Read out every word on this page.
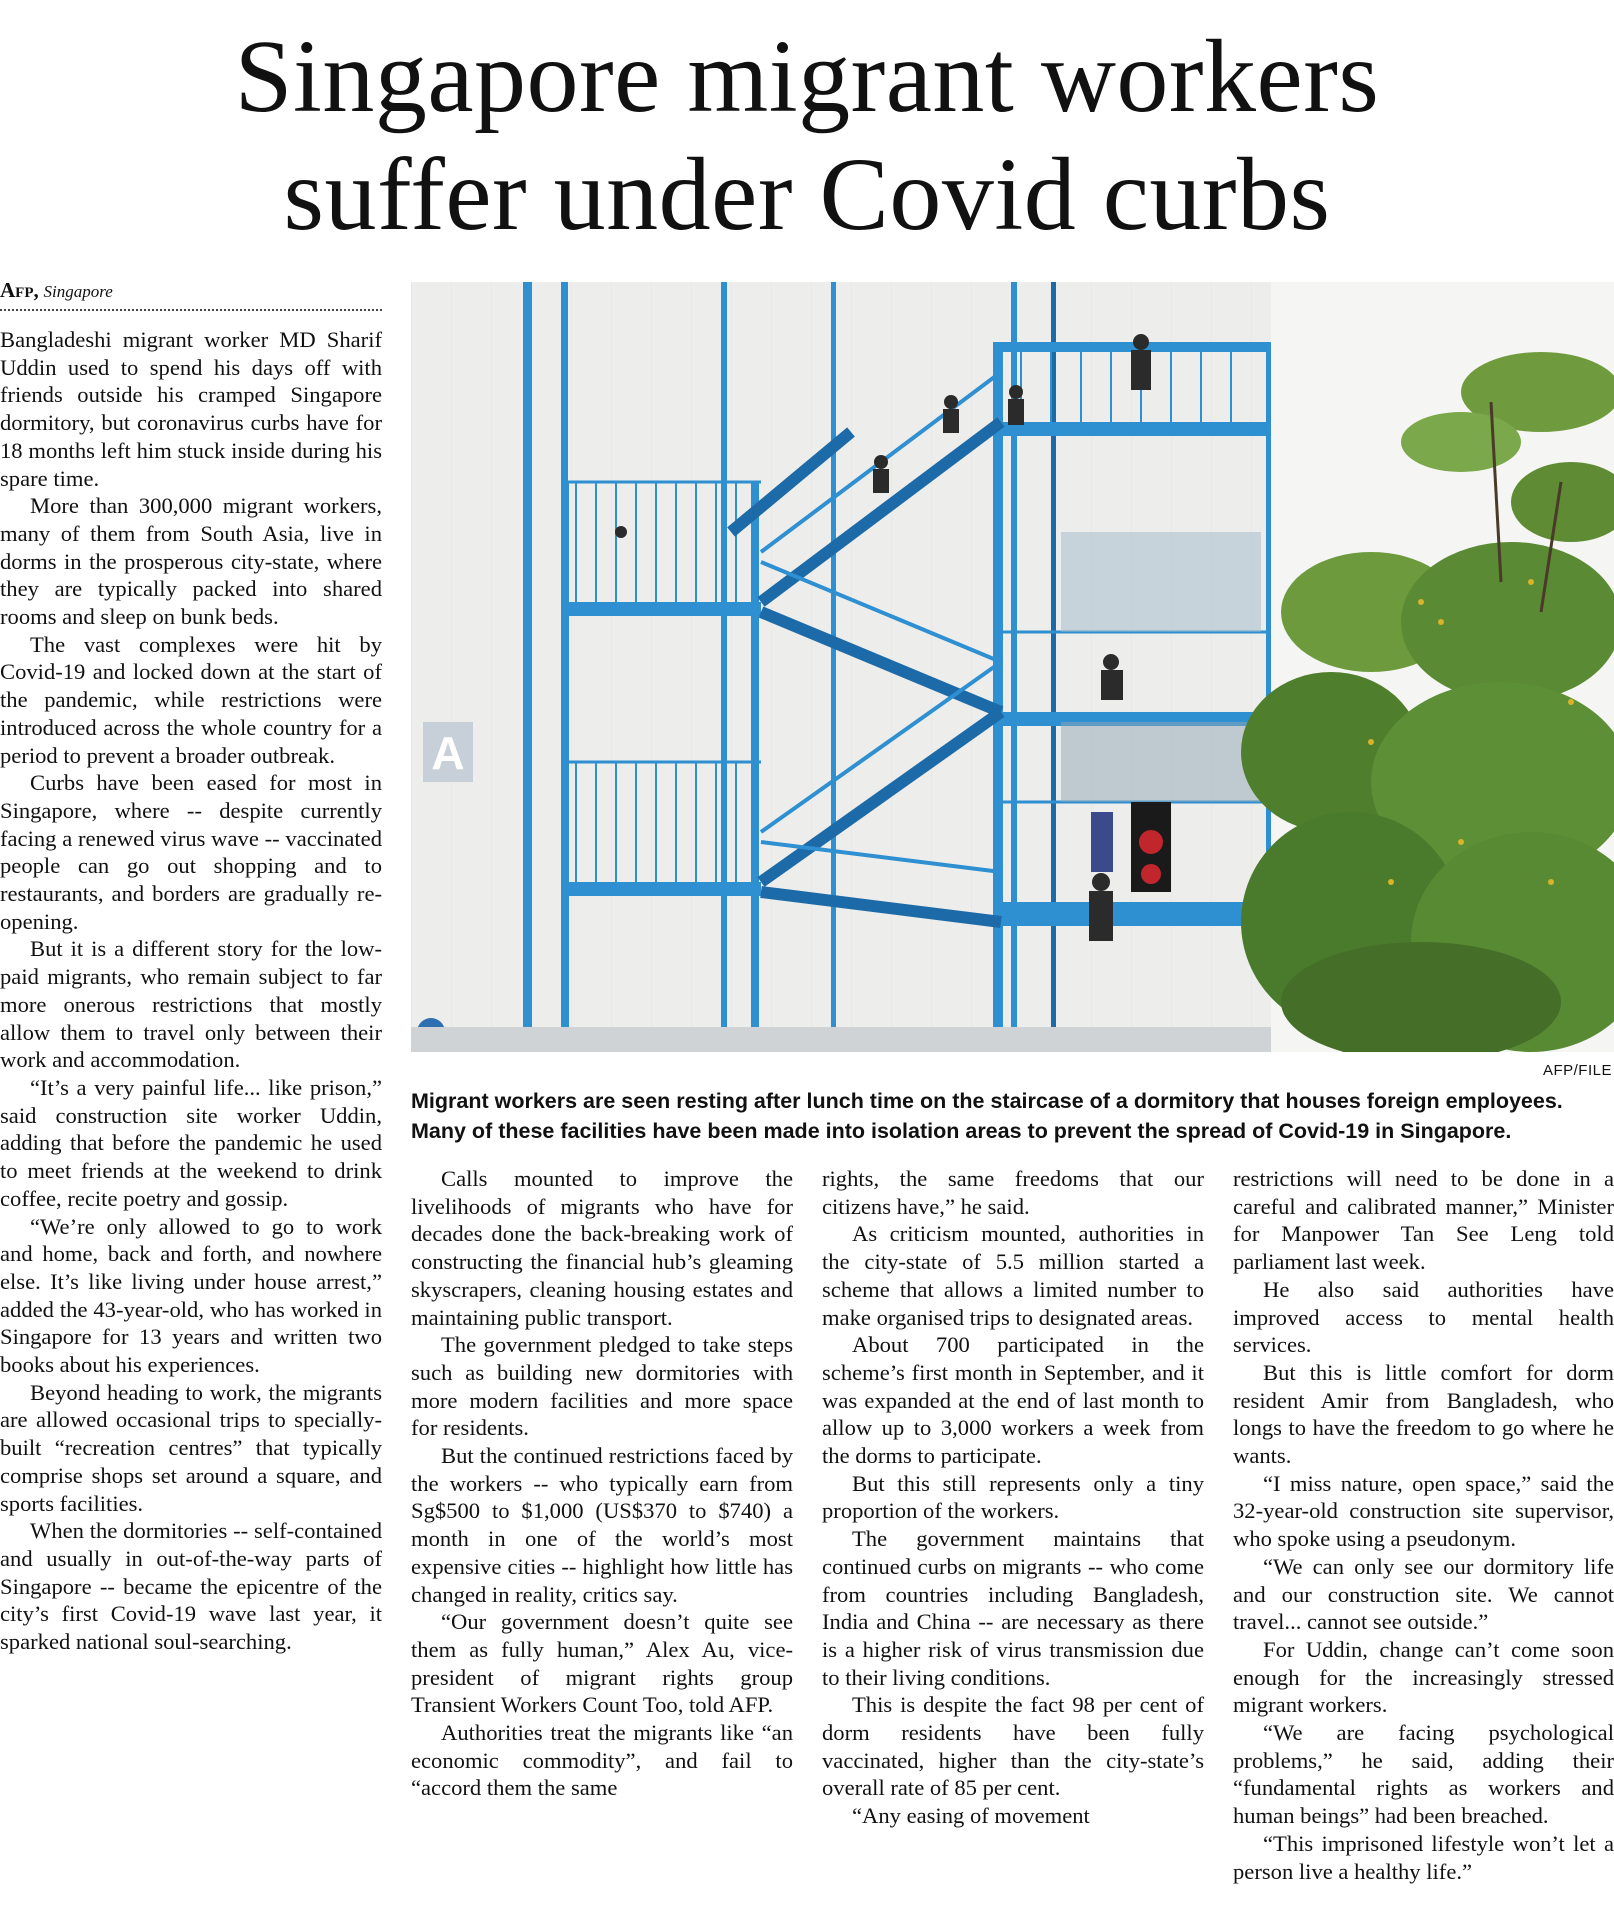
Singapore migrant workers
suffer under Covid curbs
Afp, Singapore

Bangladeshi migrant worker MD Sharif Uddin used to spend his days off with friends outside his cramped Singapore dormitory, but coronavirus curbs have for 18 months left him stuck inside during his spare time.

More than 300,000 migrant workers, many of them from South Asia, live in dorms in the prosperous city-state, where they are typically packed into shared rooms and sleep on bunk beds.

The vast complexes were hit by Covid-19 and locked down at the start of the pandemic, while restrictions were introduced across the whole country for a period to prevent a broader outbreak.

Curbs have been eased for most in Singapore, where -- despite currently facing a renewed virus wave -- vaccinated people can go out shopping and to restaurants, and borders are gradually re-opening.

But it is a different story for the low-paid migrants, who remain subject to far more onerous restrictions that mostly allow them to travel only between their work and accommodation.

“It’s a very painful life... like prison,” said construction site worker Uddin, adding that before the pandemic he used to meet friends at the weekend to drink coffee, recite poetry and gossip.

“We’re only allowed to go to work and home, back and forth, and nowhere else. It’s like living under house arrest,” added the 43-year-old, who has worked in Singapore for 13 years and written two books about his experiences.

Beyond heading to work, the migrants are allowed occasional trips to specially-built “recreation centres” that typically comprise shops set around a square, and sports facilities.

When the dormitories -- self-contained and usually in out-of-the-way parts of Singapore -- became the epicentre of the city’s first Covid-19 wave last year, it sparked national soul-searching.

A
AFP/FILE
Migrant workers are seen resting after lunch time on the staircase of a dormitory that houses foreign employees. Many of these facilities have been made into isolation areas to prevent the spread of Covid-19 in Singapore.

Calls mounted to improve the livelihoods of migrants who have for decades done the back-breaking work of constructing the financial hub’s gleaming skyscrapers, cleaning housing estates and maintaining public transport.

The government pledged to take steps such as building new dormitories with more modern facilities and more space for residents.

But the continued restrictions faced by the workers -- who typically earn from Sg$500 to $1,000 (US$370 to $740) a month in one of the world’s most expensive cities -- highlight how little has changed in reality, critics say.

“Our government doesn’t quite see them as fully human,” Alex Au, vice-president of migrant rights group Transient Workers Count Too, told AFP.

Authorities treat the migrants like “an economic commodity”, and fail to “accord them the same

rights, the same freedoms that our citizens have,” he said.

As criticism mounted, authorities in the city-state of 5.5 million started a scheme that allows a limited number to make organised trips to designated areas.

About 700 participated in the scheme’s first month in September, and it was expanded at the end of last month to allow up to 3,000 workers a week from the dorms to participate.

But this still represents only a tiny proportion of the workers.

The government maintains that continued curbs on migrants -- who come from countries including Bangladesh, India and China -- are necessary as there is a higher risk of virus transmission due to their living conditions.

This is despite the fact 98 per cent of dorm residents have been fully vaccinated, higher than the city-state’s overall rate of 85 per cent.

“Any easing of movement

restrictions will need to be done in a careful and calibrated manner,” Minister for Manpower Tan See Leng told parliament last week.

He also said authorities have improved access to mental health services.

But this is little comfort for dorm resident Amir from Bangladesh, who longs to have the freedom to go where he wants.

“I miss nature, open space,” said the 32-year-old construction site supervisor, who spoke using a pseudonym.

“We can only see our dormitory life and our construction site. We cannot travel... cannot see outside.”

For Uddin, change can’t come soon enough for the increasingly stressed migrant workers.

“We are facing psychological problems,” he said, adding their “fundamental rights as workers and human beings” had been breached.

“This imprisoned lifestyle won’t let a person live a healthy life.”
